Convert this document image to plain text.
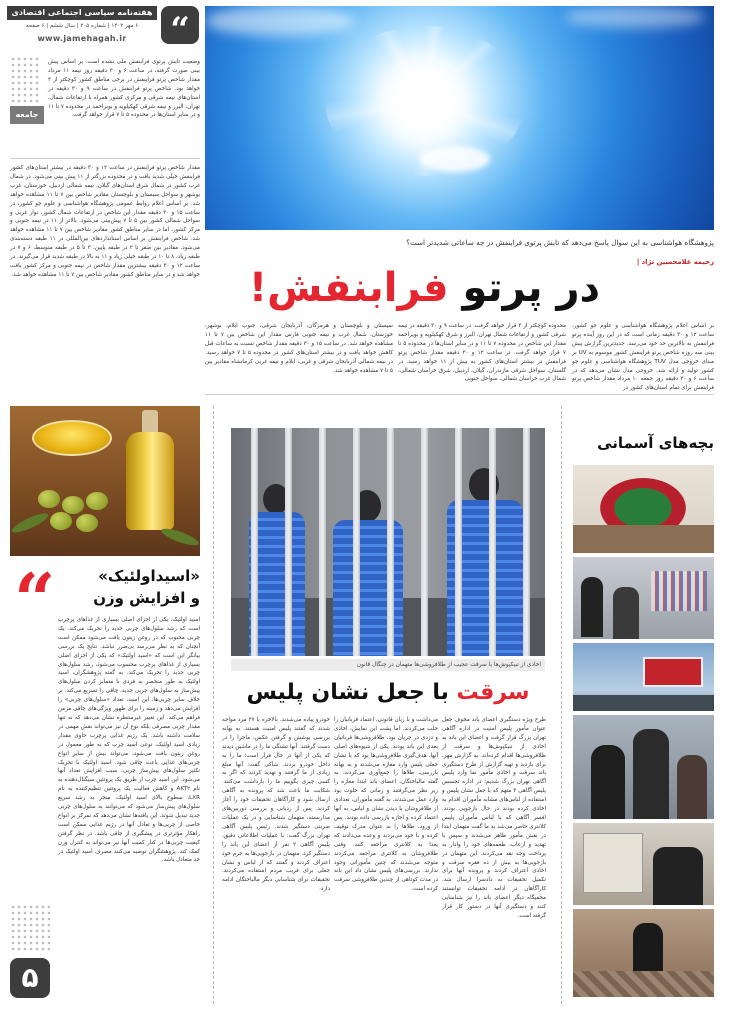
“
هفته‌نامه سیاسی اجتماعی اقتصادی
۶ مهر ۱۴۰۲ | شماره ۲۰۵ | سال ششم | ۶ صفحه
www.jamehagah.ir
وضعیت تابش پرتوی فرابنفش ملی نشده است. بر اساس پیش بینی صورت گرفته، در ساعت ۶ و ۳۰ دقیقه روز نیمه ۱۱ مرداد مقدار شاخص پرتو فرابنفش در برخی مناطق کشور کوچکتر از ۳ خواهد بود. شاخص پرتو فرابنفش در ساعت ۹ و ۳۰ دقیقه در استان‌های نیمه شرقی و مرکزی کشور همراه با ارتفاعات شمال، تهران، البرز و نیمه شرقی کهکیلویه و بویراحمد در محدوده ۷ تا ۱۱ و در سایر استان‌ها در محدوده ۵ تا ۷ قرار خواهد گرفت.
جامعه
مقدار شاخص پرتو فرابنفش در ساعت ۱۲ و ۳۰ دقیقه در بیشتر استان‌های کشور فرابنفش خیلی شدید یافت و در محدوده بزرگتر از ۱۱ پیش بینی می‌شود. در شمال غرب کشور در شمال شرق استان‌های گیلان، نیمه شمالی اردبیل، خوزستان، غرب بوشهر و سواحل سیستان و بلوچستان مقادیر شاخص بین ۷ تا ۱۱ مشاهده خواهد شد. بر اساس اعلام روابط عمومی پژوهشگاه هواشناسی و علوم جو کشور، در ساعت ۱۵ و ۳۰ دقیقه مقدار این شاخص در ارتفاعات شمال کشور، نوار غربی و سواحل شمالی کشور بین ۵ تا ۷ پیش‌بینی می‌شود. بالاتر از ۱۱ در نیمه جنوبی و مرکز کشور، اما در سایر مناطق کشور مقادیر شاخص بین ۷ تا ۱۱ مشاهده خواهد شد. شاخص فرابنفش بر اساس استانداردهای بین‌المللی در ۱۱ طبقه دسته‌بندی می‌شود. مقادیر بین صفر تا ۲ در طبقه پایین، ۳ تا ۵ در طبقه متوسط، ۶ و ۷ در طبقه زیاد، ۸ تا ۱۰ در طبقه خیلی زیاد و ۱۱ به بالا در طبقه شدید قرار می‌گیرند. در ساعت ۱۲ و ۳۰ دقیقه بیشترین مقدار شاخص در نیمه جنوبی و مرکز کشور یافت خواهد شد و در سایر مناطق کشور مقادیر شاخص بین ۷ تا ۱۱ مشاهده خواهد شد.
پژوهشگاه هواشناسی به این سوال پاسخ می‌دهد که تابش پرتوی فرابنفش در چه ساعاتی شدیدتر است؟
رحیمه غلامحسین نژاد |
در پرتو فرابنفش!
بر اساس اعلام پژوهشگاه هواشناسی و علوم جو کشور، ساعت ۱۲ و ۳۰ دقیقه زمانی است که در این روز آینده پرتو فرابنفش به بالاترین حد خود می‌رسد. جدیدترین گزارش پیش بینی سه روزه شاخص پرتو فرابنفش کشور موسوم به UV بر مبنای خروجی مدل TUV پژوهشگاه هواشناسی و علوم جو کشور تولید و ارائه شد. خروجی مدل نشان می‌دهد که در ساعت ۶ و ۳۰ دقیقه روز جمعه ۱۰ مرداد مقدار شاخص پرتو فرابنفش برای تمام استان‌های کشور در
محدوده کوچکتر از ۳ قرار خواهد گرفت. در ساعت ۹ و ۳۰ دقیقه در نیمه شرقی کشور و ارتفاعات شمال تهران، البرز و شرق کهکیلویه و بویراحمد مقدار این شاخص در محدوده ۷ تا ۱۱ و در سایر استان‌ها در محدوده ۵ تا ۷ قرار خواهد گرفت. در ساعت ۱۲ و ۳۰ دقیقه مقدار شاخص پرتو فرابنفش در بیشتر استان‌های کشور به بیش از ۱۱ خواهد رسید. در گلستان، سواحل شرقی مازندران، گیلان، اردبیل، شرق خراسان شمالی، شمال غرب خراسان شمالی، سواحل جنوبی
سیستان و بلوچستان و هرمزگان، آذربایجان شرقی، جنوب ایلام، بوشهر، خوزستان، شمال غرب و نیمه جنوبی فارس مقدار این شاخص بین ۷ تا ۱۱ مشاهده خواهد شد. در ساعت ۱۵ و ۳۰ دقیقه مقدار شاخص نسبت به ساعات قبل کاهش خواهد یافت و در بیشتر استان‌های کشور در محدوده ۵ تا ۷ خواهد رسید. در نیمه شمالی آذربایجان شرقی و غربی، ایلام و نیمه غربی کرمانشاه مقادیر بین ۵ تا ۷ مشاهده خواهد شد.
“	«اسیداولئیک»
و افزایش وزن
اسید اولئیک، یکی از اجزای اصلی بسیاری از غذاهای پرچرب است که رشد سلول‌های چربی جدید را تحریک می‌کند. یک چربی محبوب که در روغن زیتون یافت می‌شود ممکن است آنچنان که به نظر می‌رسد بی‌ضرر نباشد. نتایج یک بررسی بیانگر این است که «اسید اولئیک» که یکی از اجزای اصلی بسیاری از غذاهای پرچرب محسوب می‌شود، رشد سلول‌های چربی جدید را تحریک می‌کند. به گفته پژوهشگران، اسید اولئیک به طور منحصر به فردی با متمایز کردن سلول‌های پیش‌ساز به سلول‌های چربی جدید، چاقی را تسریع می‌کند. بر خلاف سایر چربی‌ها، این اسید، تعداد «سلول‌های چربی» را افزایش می‌دهد و زمینه را برای ظهور ویژگی‌های چاقی مزمن فراهم می‌کند. این تغییر غیرمنتظره نشان می‌دهد که نه تنها مقدار چربی مصرفی بلکه نوع آن نیز می‌تواند نقش مهمی در سلامت داشته باشد. یک رژیم غذایی پرچرب حاوی مقدار زیادی اسید اولئیک، نوعی اسید چرب که به طور معمول در روغن زیتون یافت می‌شود، می‌تواند بیش از سایر انواع چربی‌های غذایی باعث چاقی شود. اسید اولئیک با تحریک تکثیر سلول‌های پیش‌ساز چربی، سبب افزایش تعداد آنها می‌شود. این اسید چرب از طریق یک پروتئین سیگنال‌دهنده به نام AKT۲ و کاهش فعالیت یک پروتئین تنظیم‌کننده به نام LXR، سطوح بالای اسید اولئیک، منجر به رشد سریع سلول‌های پیش‌ساز می‌شود که می‌توانند به سلول‌های چربی جدید تبدیل شوند. این یافته‌ها نشان می‌دهد که تمرکز بر انواع خاصی از چربی‌ها و تعادل آنها در رژیم غذایی ممکن است راهکار مؤثرتری در پیشگیری از چاقی باشد. در نظر گرفتن کیفیت چربی‌ها در کنار کمیت آنها نیز می‌تواند به کنترل وزن کمک کند. پژوهشگران توصیه می‌کنند مصرف اسید اولئیک در حد متعادل باشد.
۵
اخاذی از تبیکپوش‌ها با سرقت عجیب از طلافروشی‌ها متهمان در چنگال قانون
سرقت با جعل نشان پلیس
طرح ویژه دستگیری اعضای باند مخوف جعل عنوان مأمور پلیس امنیت در اداره آگاهی تهران بزرگ قرار گرفت و اعضای این باند به اخاذی از تبیکپوش‌ها و سرقت از طلافروشی‌ها اقدام کرده‌اند. به گزارش مهر، برای بازدید و تهیه گزارش از طرح دستگیری باند سرقت و اخاذی مأمور نما وارد پلیس آگاهی تهران بزرگ شدیم؛ در اداره تجسس پلیس آگاهی ۳ متهم که با جعل نشان پلیس و استفاده از لباس‌های مشابه مأموران اقدام به اخاذی کرده بودند در حال بازجویی بودند. افسر آگاهی که با لباس مأموران پلیس کلانتری حاضر می‌شد به ما گفت متهمان ابتدا در نقش مأمور ظاهر می‌شدند و سپس با تهدید و ارعاب، طعمه‌های خود را وادار به پرداخت وجه نقد می‌کردند. این متهمان در بازجویی‌ها به بیش از ده فقره سرقت و اخاذی اعتراف کردند و پرونده آنها برای تکمیل تحقیقات به دادسرا ارسال شد. کارآگاهان در ادامه تحقیقات توانستند مخفیگاه دیگر اعضای باند را نیز شناسایی کنند و دستگیری آنها در دستور کار قرار گرفته است.
می‌داشت و با زبان قانونی، اعتماد قربانیان را جلب می‌کردند. اما پشت این نمایش، اخاذی و دزدی در جریان بود. طلافروشی‌ها قربانیان بعدی این باند بودند. یکی از شیوه‌های اصلی آنها، هدف‌گیری طلافروشی‌ها بود که با نشان جعلی پلیس وارد مغازه می‌شدند و به بهانه بازرسی، طلاها را جمع‌آوری می‌کردند. به گفته مالباختگان، اعضای باند ابتدا مغازه را زیر نظر می‌گرفتند و زمانی که خلوت بود وارد عمل می‌شدند. به گفته مأموران، تعدادی از طلافروشان با دیدن نشان و لباس، به آنها اعتماد کرده و اجازه بازرسی داده بودند. پس از ورود، طلاها را به عنوان مدرک توقیف کرده و با خود می‌بردند و وعده می‌دادند که بعدا به کلانتری مراجعه کنند. وقتی طلافروشان به کلانتری مراجعه می‌کردند متوجه می‌شدند که چنین مأمورانی وجود ندارند. بررسی‌های پلیس نشان داد این باند در مدت کوتاهی از چندین طلافروشی سرقت کرده است.
خودرو پیاده می‌شدند. بالاخره با ۳۷ مرد مواجه شدند که گفتند پلیس امنیت هستند. به بهانه بررسی پوشش و گرفتن عکس، ماجرا را در دست گرفتند. آنها تشنگی ما را در ماشین دیدند که یکی از آنها در حال فرار است؛ ما را به داخل خودرو بردند. شاکی گفت: آنها مبلغ زیادی از ما گرفتند و تهدید کردند که اگر به کسی چیزی بگوییم ما را بازداشت می‌کنند. شکایت ما باعث شد که پرونده به آگاهی ارسال شود و کارآگاهان تحقیقات خود را آغاز کردند. پس از ردیابی و بررسی دوربین‌های مداربسته، متهمان شناسایی و در یک عملیات ضربتی دستگیر شدند. رئیس پلیس آگاهی تهران بزرگ گفت: با عملیات اطلاعاتی دقیق، پلیس آگاهی ۳ نفر از اعضای این باند را دستگیر کرد. متهمان در بازجویی‌ها به جرم خود اعتراف کردند و گفتند که از لباس و نشان جعلی برای فریب مردم استفاده می‌کردند. تحقیقات برای شناسایی دیگر مالباختگان ادامه دارد.
بچه‌های آسمانی
